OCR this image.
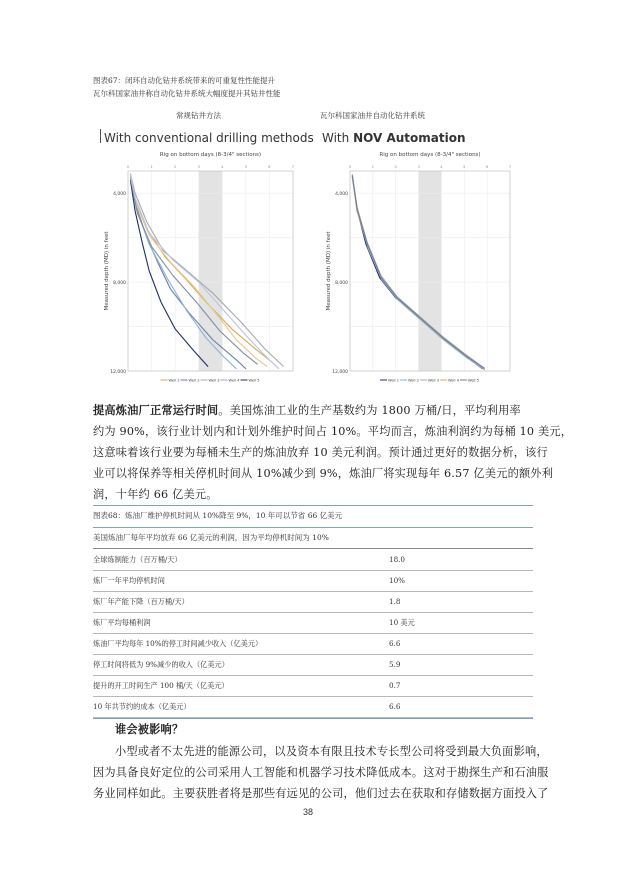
图表67：闭环自动化钻井系统带来的可重复性性能提升
瓦尔科国家油井称自动化钻井系统大幅度提升其钻井性能
常规钻井方法	瓦尔科国家油井自动化钻井系统
With conventional drilling methods
Rig on bottom days (8-3/4" sections)
0	1	2	3	4	5	6	7
4,000
8,000
12,000
Measured depth (MD) in feet
Well 1	Well 2	Well 3	Well 4	Well 5
With NOV Automation
Rig on bottom days (8-3/4" sections)
0	1	2	3	4	5	6	7
4,000
8,000
12,000
Measured depth (MD) in feet
Well 1	Well 2	Well 3	Well 4	Well 5
提高炼油厂正常运行时间。美国炼油工业的生产基数约为 1800 万桶/日，平均利用率
约为 90%，该行业计划内和计划外维护时间占 10%。平均而言，炼油利润约为每桶 10 美元，
这意味着该行业要为每桶未生产的炼油放弃 10 美元利润。预计通过更好的数据分析，该行
业可以将保养等相关停机时间从 10%减少到 9%，炼油厂将实现每年 6.57 亿美元的额外利
润，十年约 66 亿美元。
图表68：炼油厂维护停机时间从 10%降至 9%，10 年可以节省 66 亿美元
美国炼油厂每年平均放弃 66 亿美元的利润，因为平均停机时间为 10%
全球炼制能力（百万桶/天）	18.0
炼厂一年平均停机时间	10%
炼厂年产能下降（百万桶/天）	1.8
炼厂平均每桶利润	10 美元
炼油厂平均每年 10%的停工时间减少收入（亿美元）	6.6
停工时间将低为 9%减少的收入（亿美元）	5.9
提升的开工时间生产 100 桶/天（亿美元）	0.7
10 年共节约的成本（亿美元）	6.6
谁会被影响？
小型或者不太先进的能源公司，以及资本有限且技术专长型公司将受到最大负面影响，
因为具备良好定位的公司采用人工智能和机器学习技术降低成本。这对于勘探生产和石油服
务业同样如此。主要获胜者将是那些有远见的公司，他们过去在获取和存储数据方面投入了
38
